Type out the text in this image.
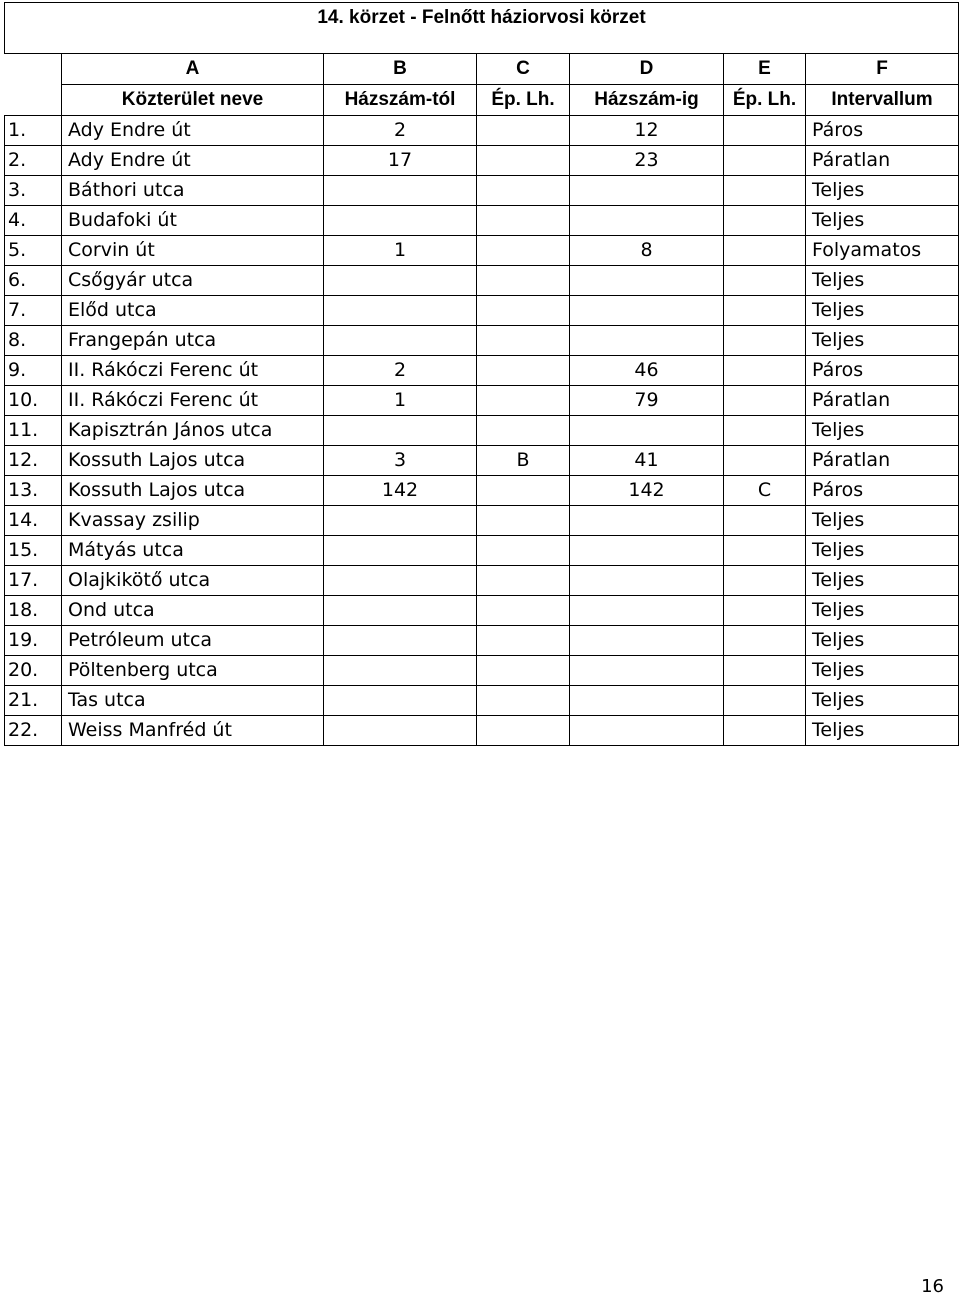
14. körzet - Felnőtt háziorvosi körzet						
	A	B	C	D	E	F
	Közterület neve	Házszám-tól	Ép. Lh.	Házszám-ig	Ép. Lh.	Intervallum
1.	Ady Endre út	2		12		Páros
2.	Ady Endre út	17		23		Páratlan
3.	Báthori utca					Teljes
4.	Budafoki út					Teljes
5.	Corvin út	1		8		Folyamatos
6.	Csőgyár utca					Teljes
7.	Előd utca					Teljes
8.	Frangepán utca					Teljes
9.	II. Rákóczi Ferenc út	2		46		Páros
10.	II. Rákóczi Ferenc út	1		79		Páratlan
11.	Kapisztrán János utca					Teljes
12.	Kossuth Lajos utca	3	B	41		Páratlan
13.	Kossuth Lajos utca	142		142	C	Páros
14.	Kvassay zsilip					Teljes
15.	Mátyás utca					Teljes
17.	Olajkikötő utca					Teljes
18.	Ond utca					Teljes
19.	Petróleum utca					Teljes
20.	Pöltenberg utca					Teljes
21.	Tas utca					Teljes
22.	Weiss Manfréd út					Teljes
16
